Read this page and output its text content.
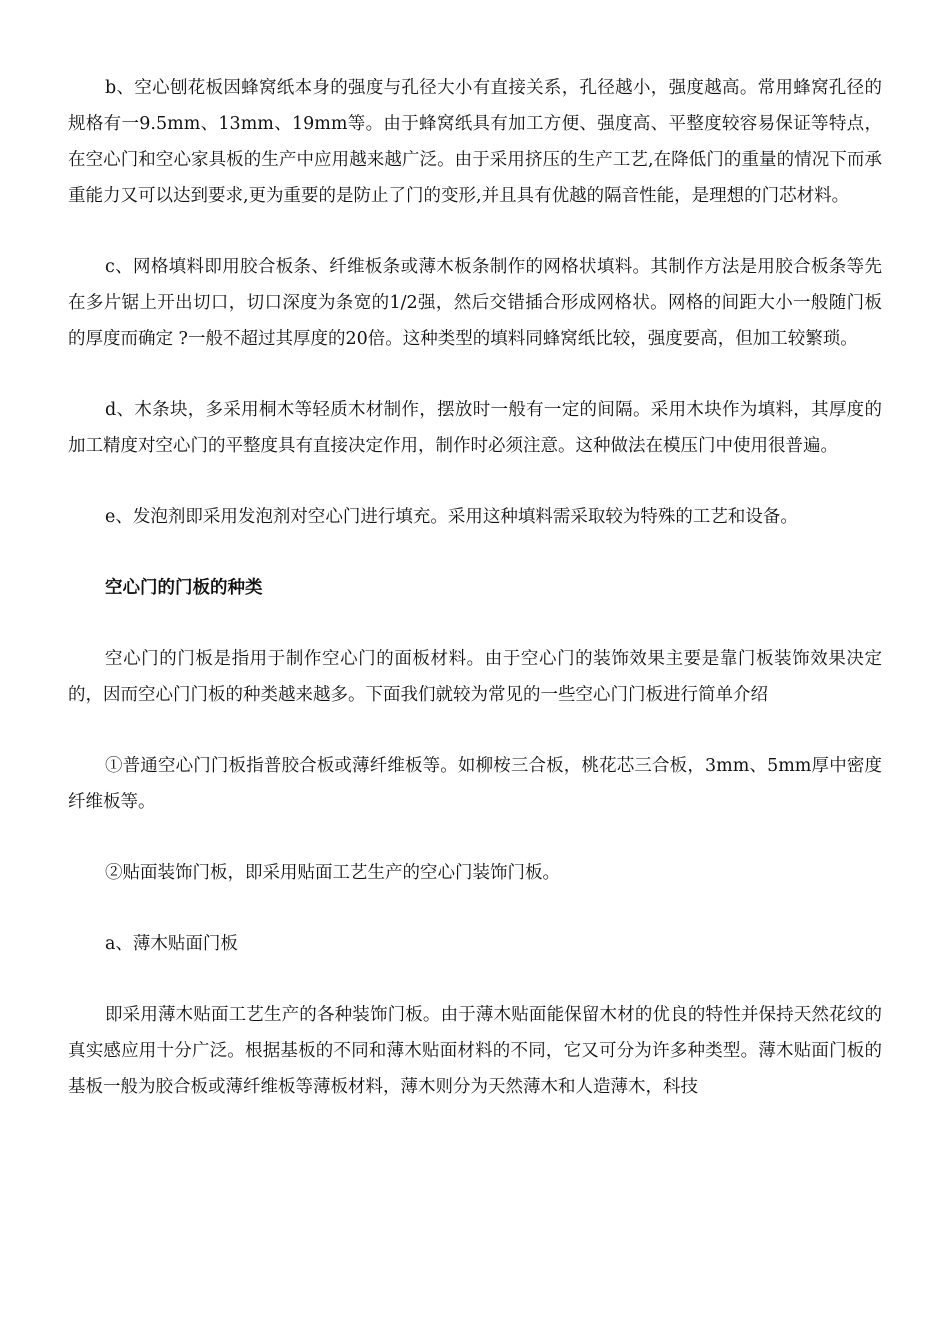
b、空心刨花板因蜂窝纸本身的强度与孔径大小有直接关系，孔径越小，强度越高。常用蜂窝孔径的规格有一9.5mm、13mm、19mm等。由于蜂窝纸具有加工方便、强度高、平整度较容易保证等特点，在空心门和空心家具板的生产中应用越来越广泛。由于采用挤压的生产工艺,在降低门的重量的情况下而承重能力又可以达到要求,更为重要的是防止了门的变形,并且具有优越的隔音性能，是理想的门芯材料。

c、网格填料即用胶合板条、纤维板条或薄木板条制作的网格状填料。其制作方法是用胶合板条等先在多片锯上开出切口，切口深度为条宽的1/2强，然后交错插合形成网格状。网格的间距大小一般随门板的厚度而确定 ?一般不超过其厚度的20倍。这种类型的填料同蜂窝纸比较，强度要高，但加工较繁琐。

d、木条块，多采用桐木等轻质木材制作，摆放时一般有一定的间隔。采用木块作为填料，其厚度的加工精度对空心门的平整度具有直接决定作用，制作时必须注意。这种做法在模压门中使用很普遍。

e、发泡剂即采用发泡剂对空心门进行填充。采用这种填料需采取较为特殊的工艺和设备。

空心门的门板的种类

空心门的门板是指用于制作空心门的面板材料。由于空心门的装饰效果主要是靠门板装饰效果决定的，因而空心门门板的种类越来越多。下面我们就较为常见的一些空心门门板进行简单介绍

①普通空心门门板指普胶合板或薄纤维板等。如柳桉三合板，桃花芯三合板，3mm、5mm厚中密度纤维板等。

②贴面装饰门板，即采用贴面工艺生产的空心门装饰门板。

a、薄木贴面门板

即采用薄木贴面工艺生产的各种装饰门板。由于薄木贴面能保留木材的优良的特性并保持天然花纹的真实感应用十分广泛。根据基板的不同和薄木贴面材料的不同，它又可分为许多种类型。薄木贴面门板的基板一般为胶合板或薄纤维板等薄板材料，薄木则分为天然薄木和人造薄木，科技
